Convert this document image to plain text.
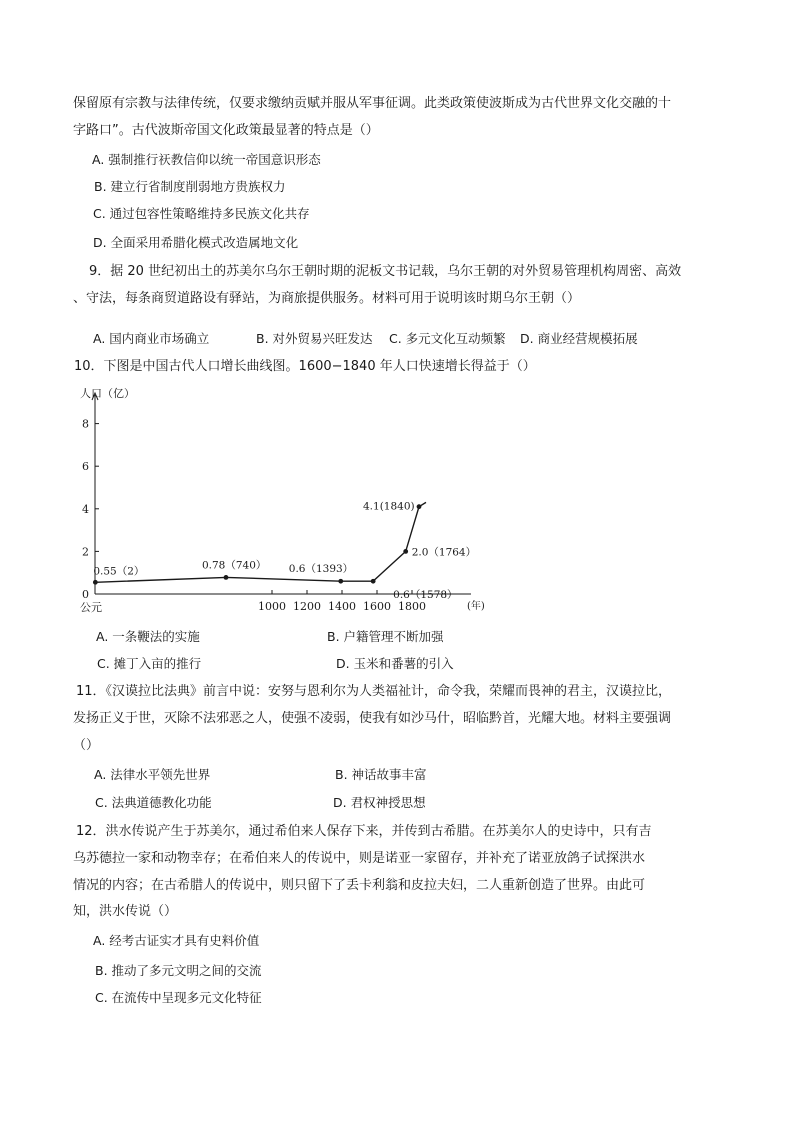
保留原有宗教与法律传统，仅要求缴纳贡赋并服从军事征调。此类政策使波斯成为古代世界文化交融的十
字路口”。古代波斯帝国文化政策最显著的特点是（）
A. 强制推行祆教信仰以统一帝国意识形态
B. 建立行省制度削弱地方贵族权力
C. 通过包容性策略维持多民族文化共存
D. 全面采用希腊化模式改造属地文化
9．据 20 世纪初出土的苏美尔乌尔王朝时期的泥板文书记载，乌尔王朝的对外贸易管理机构周密、高效
、守法，每条商贸道路设有驿站，为商旅提供服务。材料可用于说明该时期乌尔王朝（）
A. 国内商业市场确立	B. 对外贸易兴旺发达 C. 多元文化互动频繁 D. 商业经营规模拓展
10．下图是中国古代人口增长曲线图。1600−1840 年人口快速增长得益于（）
人口（亿）
0
2
4
6
8
1000 1200 1400 1600 1800
公元	(年)
0.55（2）	0.78（740） 0.6（1393）
0.6（1578）
2.0（1764）
4.1(1840)
A. 一条鞭法的实施	B. 户籍管理不断加强
C. 摊丁入亩的推行	D. 玉米和番薯的引入
11．《汉谟拉比法典》前言中说：安努与恩利尔为人类福祉计，命令我，荣耀而畏神的君主，汉谟拉比，
发扬正义于世，灭除不法邪恶之人，使强不凌弱，使我有如沙马什，昭临黔首，光耀大地。材料主要强调
（）
A. 法律水平领先世界	B. 神话故事丰富
C. 法典道德教化功能	D. 君权神授思想
12．洪水传说产生于苏美尔，通过希伯来人保存下来，并传到古希腊。在苏美尔人的史诗中，只有吉
乌苏德拉一家和动物幸存；在希伯来人的传说中，则是诺亚一家留存，并补充了诺亚放鸽子试探洪水
情况的内容；在古希腊人的传说中，则只留下了丢卡利翁和皮拉夫妇，二人重新创造了世界。由此可
知，洪水传说（）
A. 经考古证实才具有史料价值
B. 推动了多元文明之间的交流
C. 在流传中呈现多元文化特征
